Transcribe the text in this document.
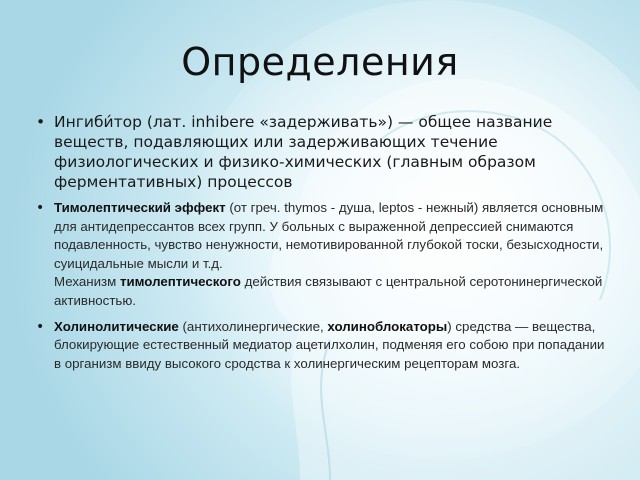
Определения
• Ингиби́тор (лат. inhibere «задерживать») — общее название веществ, подавляющих или задерживающих течение физиологических и физико-химических (главным образом ферментативных) процессов
• Тимолептический эффект (от греч. thymos - душа, leptos - нежный) является основным для антидепрессантов всех групп. У больных с выраженной депрессией снимаются подавленность, чувство ненужности, немотивированной глубокой тоски, безысходности, суицидальные мысли и т.д.
Механизм тимолептического действия связывают с центральной серотонинергической активностью.
• Холинолитические (антихолинергические, холиноблокаторы) средства — вещества, блокирующие естественный медиатор ацетилхолин, подменяя его собою при попадании в организм ввиду высокого сродства к холинергическим рецепторам мозга.
